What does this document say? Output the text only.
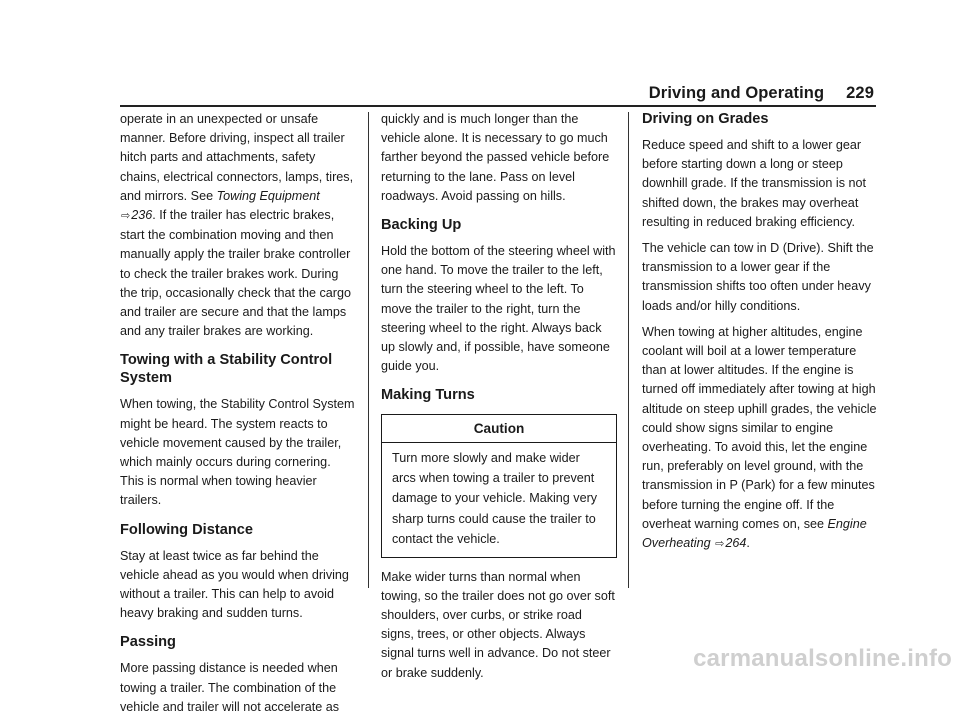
Driving and Operating 229

operate in an unexpected or unsafe manner. Before driving, inspect all trailer hitch parts and attachments, safety chains, electrical connectors, lamps, tires, and mirrors. See Towing Equipment ⇨236. If the trailer has electric brakes, start the combination moving and then manually apply the trailer brake controller to check the trailer brakes work. During the trip, occasionally check that the cargo and trailer are secure and that the lamps and any trailer brakes are working.

Towing with a Stability Control System

When towing, the Stability Control System might be heard. The system reacts to vehicle movement caused by the trailer, which mainly occurs during cornering. This is normal when towing heavier trailers.

Following Distance

Stay at least twice as far behind the vehicle ahead as you would when driving without a trailer. This can help to avoid heavy braking and sudden turns.

Passing

More passing distance is needed when towing a trailer. The combination of the vehicle and trailer will not accelerate as

quickly and is much longer than the vehicle alone. It is necessary to go much farther beyond the passed vehicle before returning to the lane. Pass on level roadways. Avoid passing on hills.

Backing Up

Hold the bottom of the steering wheel with one hand. To move the trailer to the left, turn the steering wheel to the left. To move the trailer to the right, turn the steering wheel to the right. Always back up slowly and, if possible, have someone guide you.

Making Turns
Caution
Turn more slowly and make wider arcs when towing a trailer to prevent damage to your vehicle. Making very sharp turns could cause the trailer to contact the vehicle.

Make wider turns than normal when towing, so the trailer does not go over soft shoulders, over curbs, or strike road signs, trees, or other objects. Always signal turns well in advance. Do not steer or brake suddenly.

Driving on Grades

Reduce speed and shift to a lower gear before starting down a long or steep downhill grade. If the transmission is not shifted down, the brakes may overheat resulting in reduced braking efficiency.

The vehicle can tow in D (Drive). Shift the transmission to a lower gear if the transmission shifts too often under heavy loads and/or hilly conditions.

When towing at higher altitudes, engine coolant will boil at a lower temperature than at lower altitudes. If the engine is turned off immediately after towing at high altitude on steep uphill grades, the vehicle could show signs similar to engine overheating. To avoid this, let the engine run, preferably on level ground, with the transmission in P (Park) for a few minutes before turning the engine off. If the overheat warning comes on, see Engine Overheating ⇨264.

carmanualsonline.info
